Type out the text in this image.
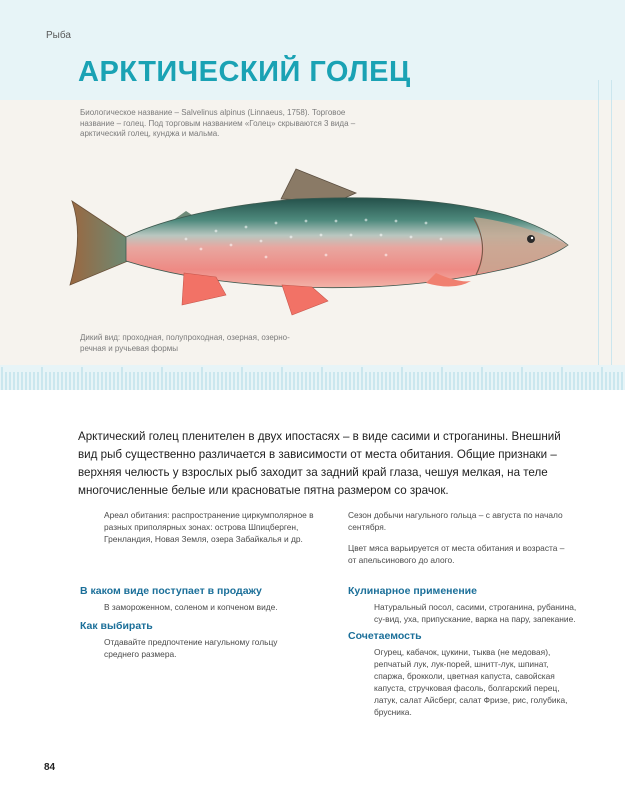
Рыба
АРКТИЧЕСКИЙ ГОЛЕЦ

Биологическое название – Salvelinus alpinus (Linnaeus, 1758). Торговое название – голец. Под торговым названием «Голец» скрываются 3 вида – арктический голец, кунджа и мальма.

Дикий вид: проходная, полупроходная, озерная, озерно-речная и ручьевая формы

Арктический голец пленителен в двух ипостасях – в виде сасими и строганины. Внешний вид рыб существенно различается в зависимости от места обитания. Общие признаки – верхняя челюсть у взрослых рыб заходит за задний край глаза, чешуя мелкая, на теле многочисленные белые или красноватые пятна размером со зрачок.

Ареал обитания: распространение циркумполярное в разных приполярных зонах: острова Шпицберген, Гренландия, Новая Земля, озера Забайкалья и др.

Сезон добычи нагульного гольца – с августа по начало сентября.

Цвет мяса варьируется от места обитания и возраста – от апельсинового до алого.

В каком виде поступает в продажу

В замороженном, соленом и копченом виде.

Как выбирать

Отдавайте предпочтение нагульному гольцу среднего размера.

Кулинарное применение

Натуральный посол, сасими, строганина, рубанина, су-вид, уха, припускание, варка на пару, запекание.

Сочетаемость

Огурец, кабачок, цукини, тыква (не медовая), репчатый лук, лук-порей, шнитт-лук, шпинат, спаржа, брокколи, цветная капуста, савойская капуста, стручковая фасоль, болгарский перец, латук, салат Айсберг, салат Фризе, рис, голубика, брусника.

84
